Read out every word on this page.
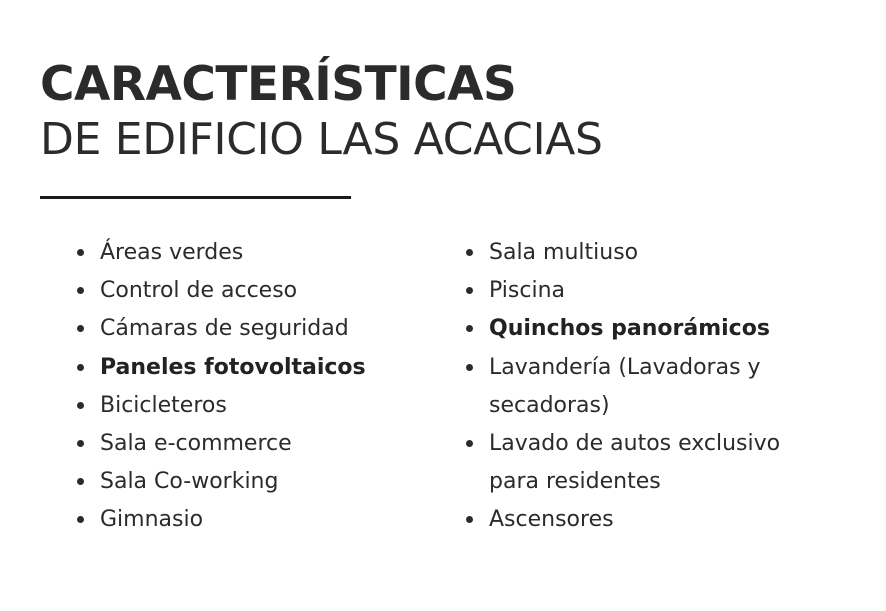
CARACTERÍSTICAS
DE EDIFICIO LAS ACACIAS
Áreas verdes
Control de acceso
Cámaras de seguridad
Paneles fotovoltaicos
Bicicleteros
Sala e-commerce
Sala Co-working
Gimnasio
Sala multiuso
Piscina
Quinchos panorámicos
Lavandería (Lavadoras y secadoras)
Lavado de autos exclusivo para residentes
Ascensores
